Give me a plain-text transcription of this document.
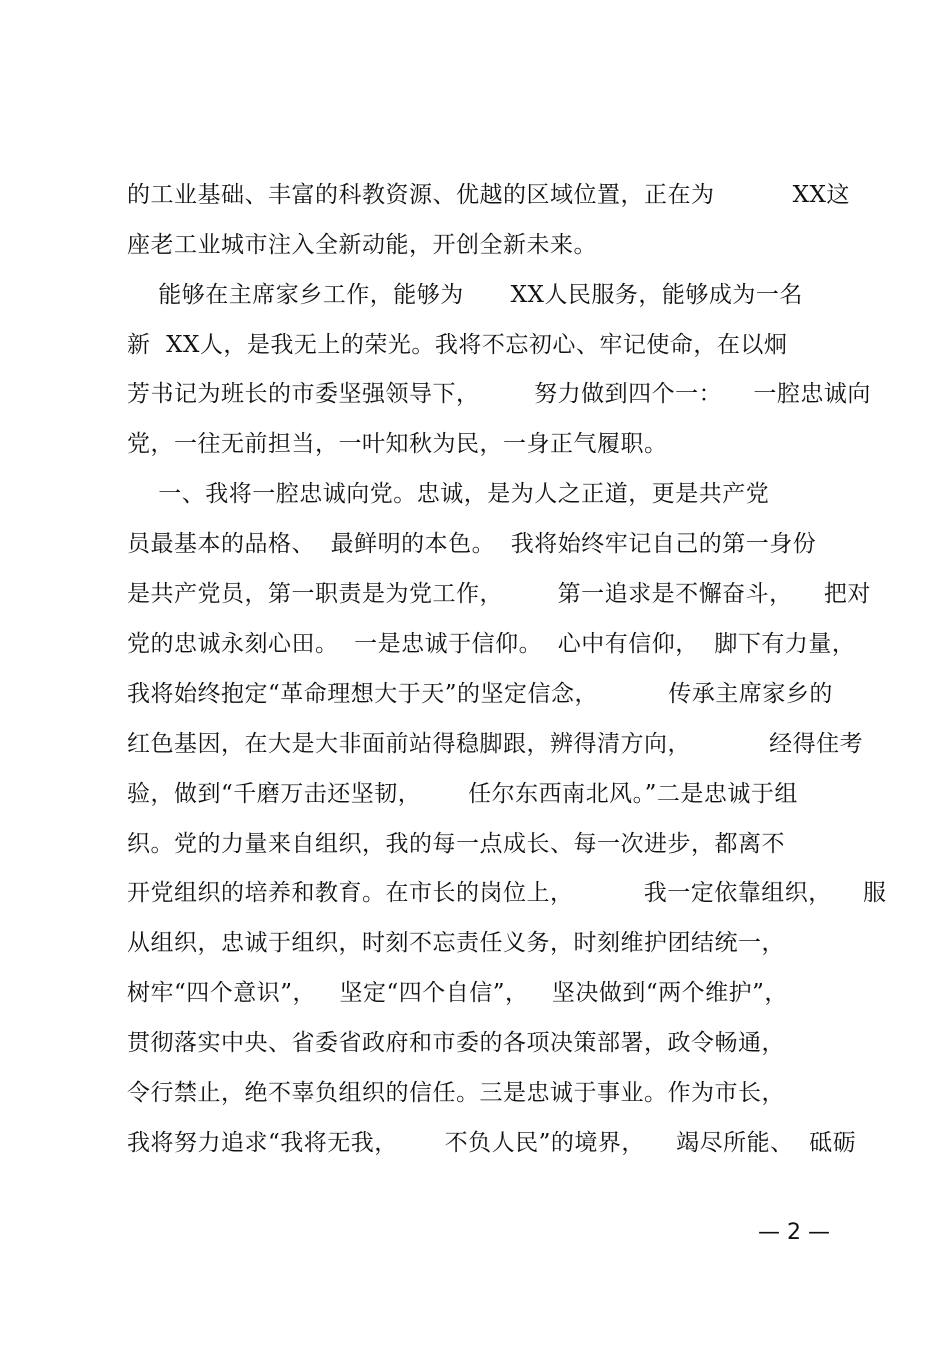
的工业基础、丰富的科教资源、优越的区域位置，正在为          XX这
座老工业城市注入全新动能，开创全新未来。
能够在主席家乡工作，能够为      XX人民服务，能够成为一名
新  XX人，是我无上的荣光。我将不忘初心、牢记使命，在以炯
芳书记为班长的市委坚强领导下，       努力做到四个一：    一腔忠诚向
党，一往无前担当，一叶知秋为民，一身正气履职。
一、我将一腔忠诚向党。忠诚，是为人之正道，更是共产党
员最基本的品格、  最鲜明的本色。  我将始终牢记自己的第一身份
是共产党员，第一职责是为党工作，       第一追求是不懈奋斗，    把对
党的忠诚永刻心田。  一是忠诚于信仰。  心中有信仰，  脚下有力量，
我将始终抱定“革命理想大于天”的坚定信念，         传承主席家乡的
红色基因，在大是大非面前站得稳脚跟，辨得清方向，          经得住考
验，做到“千磨万击还坚韧，      任尔东西南北风。”二是忠诚于组
织。党的力量来自组织，我的每一点成长、每一次进步，都离不
开党组织的培养和教育。在市长的岗位上，         我一定依靠组织，    服
从组织，忠诚于组织，时刻不忘责任义务，时刻维护团结统一，
树牢“四个意识”，   坚定“四个自信”，   坚决做到“两个维护”，
贯彻落实中央、省委省政府和市委的各项决策部署，政令畅通，
令行禁止，绝不辜负组织的信任。三是忠诚于事业。作为市长，
我将努力追求“我将无我，      不负人民”的境界，    竭尽所能、  砥砺
— 2 —
